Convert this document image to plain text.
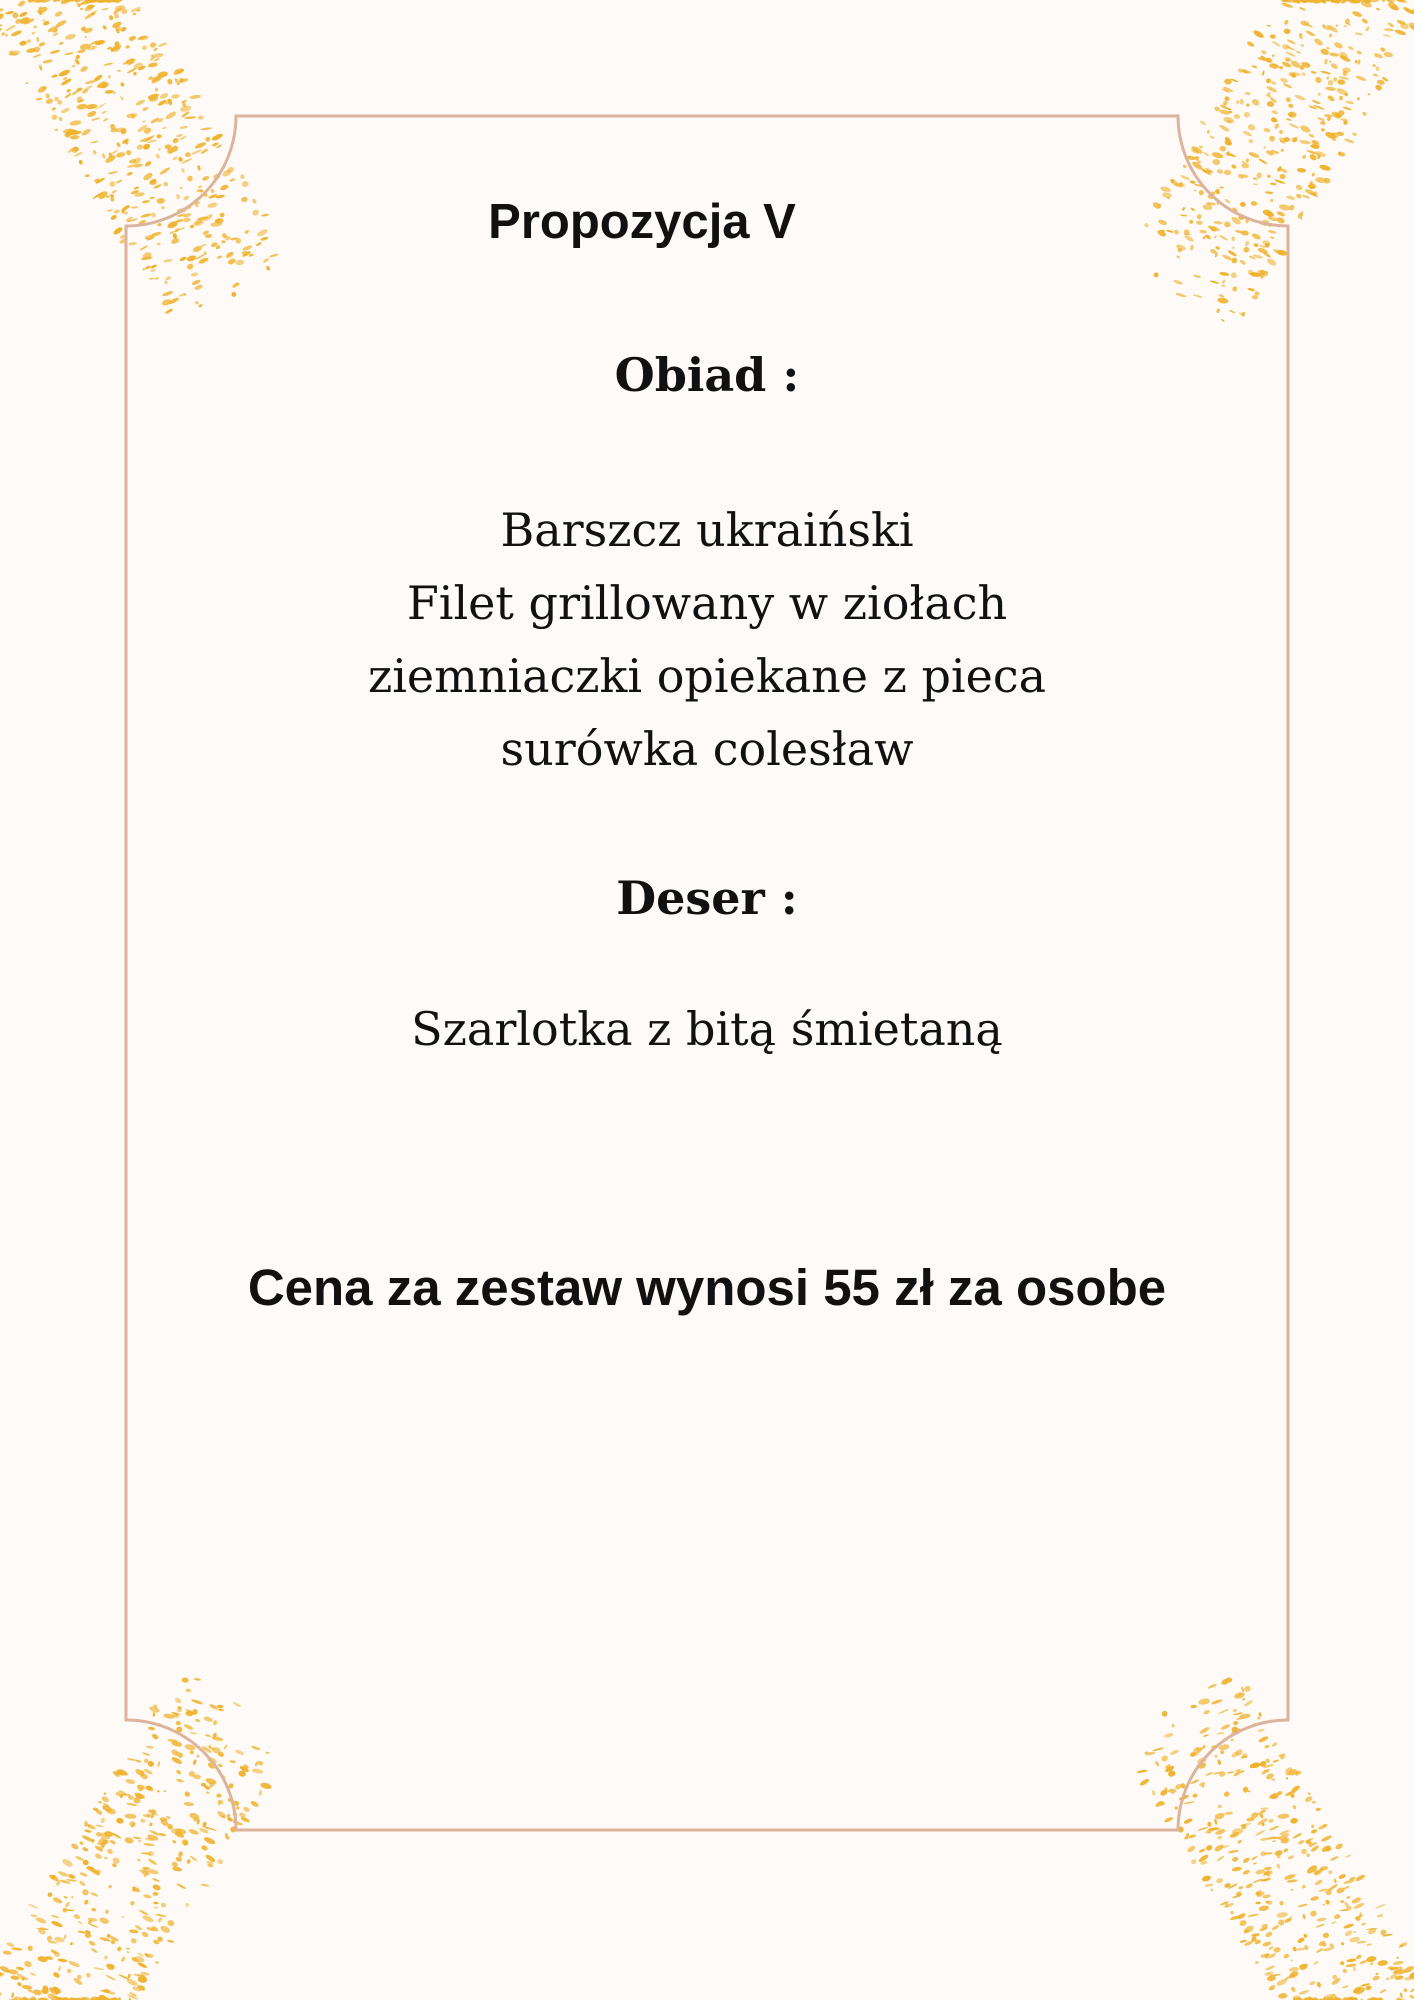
Propozycja V
Obiad :
Barszcz ukraiński
Filet grillowany w ziołach
ziemniaczki opiekane z pieca
surówka colesław
Deser :

Szarlotka z bitą śmietaną

Cena za zestaw wynosi 55 zł za osobe
